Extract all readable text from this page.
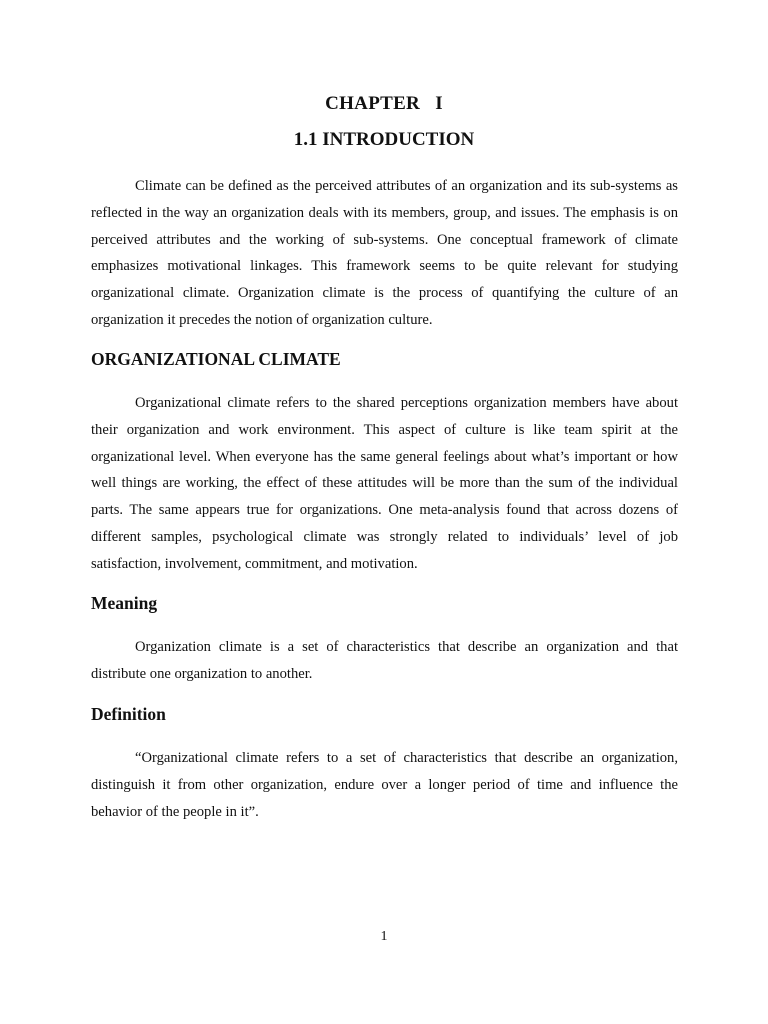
CHAPTER   I
1.1 INTRODUCTION

Climate can be defined as the perceived attributes of an organization and its sub-systems as reflected in the way an organization deals with its members, group, and issues. The emphasis is on perceived attributes and the working of sub-systems. One conceptual framework of climate emphasizes motivational linkages. This framework seems to be quite relevant for studying organizational climate. Organization climate is the process of quantifying the culture of an organization it precedes the notion of organization culture.

ORGANIZATIONAL CLIMATE

Organizational climate refers to the shared perceptions organization members have about their organization and work environment. This aspect of culture is like team spirit at the organizational level. When everyone has the same general feelings about what’s important or how well things are working, the effect of these attitudes will be more than the sum of the individual parts. The same appears true for organizations. One meta-analysis found that across dozens of different samples, psychological climate was strongly related to individuals’ level of job satisfaction, involvement, commitment, and motivation.

Meaning

Organization climate is a set of characteristics that describe an organization and that distribute one organization to another.

Definition

“Organizational climate refers to a set of characteristics that describe an organization, distinguish it from other organization, endure over a longer period of time and influence the behavior of the people in it”.

1
